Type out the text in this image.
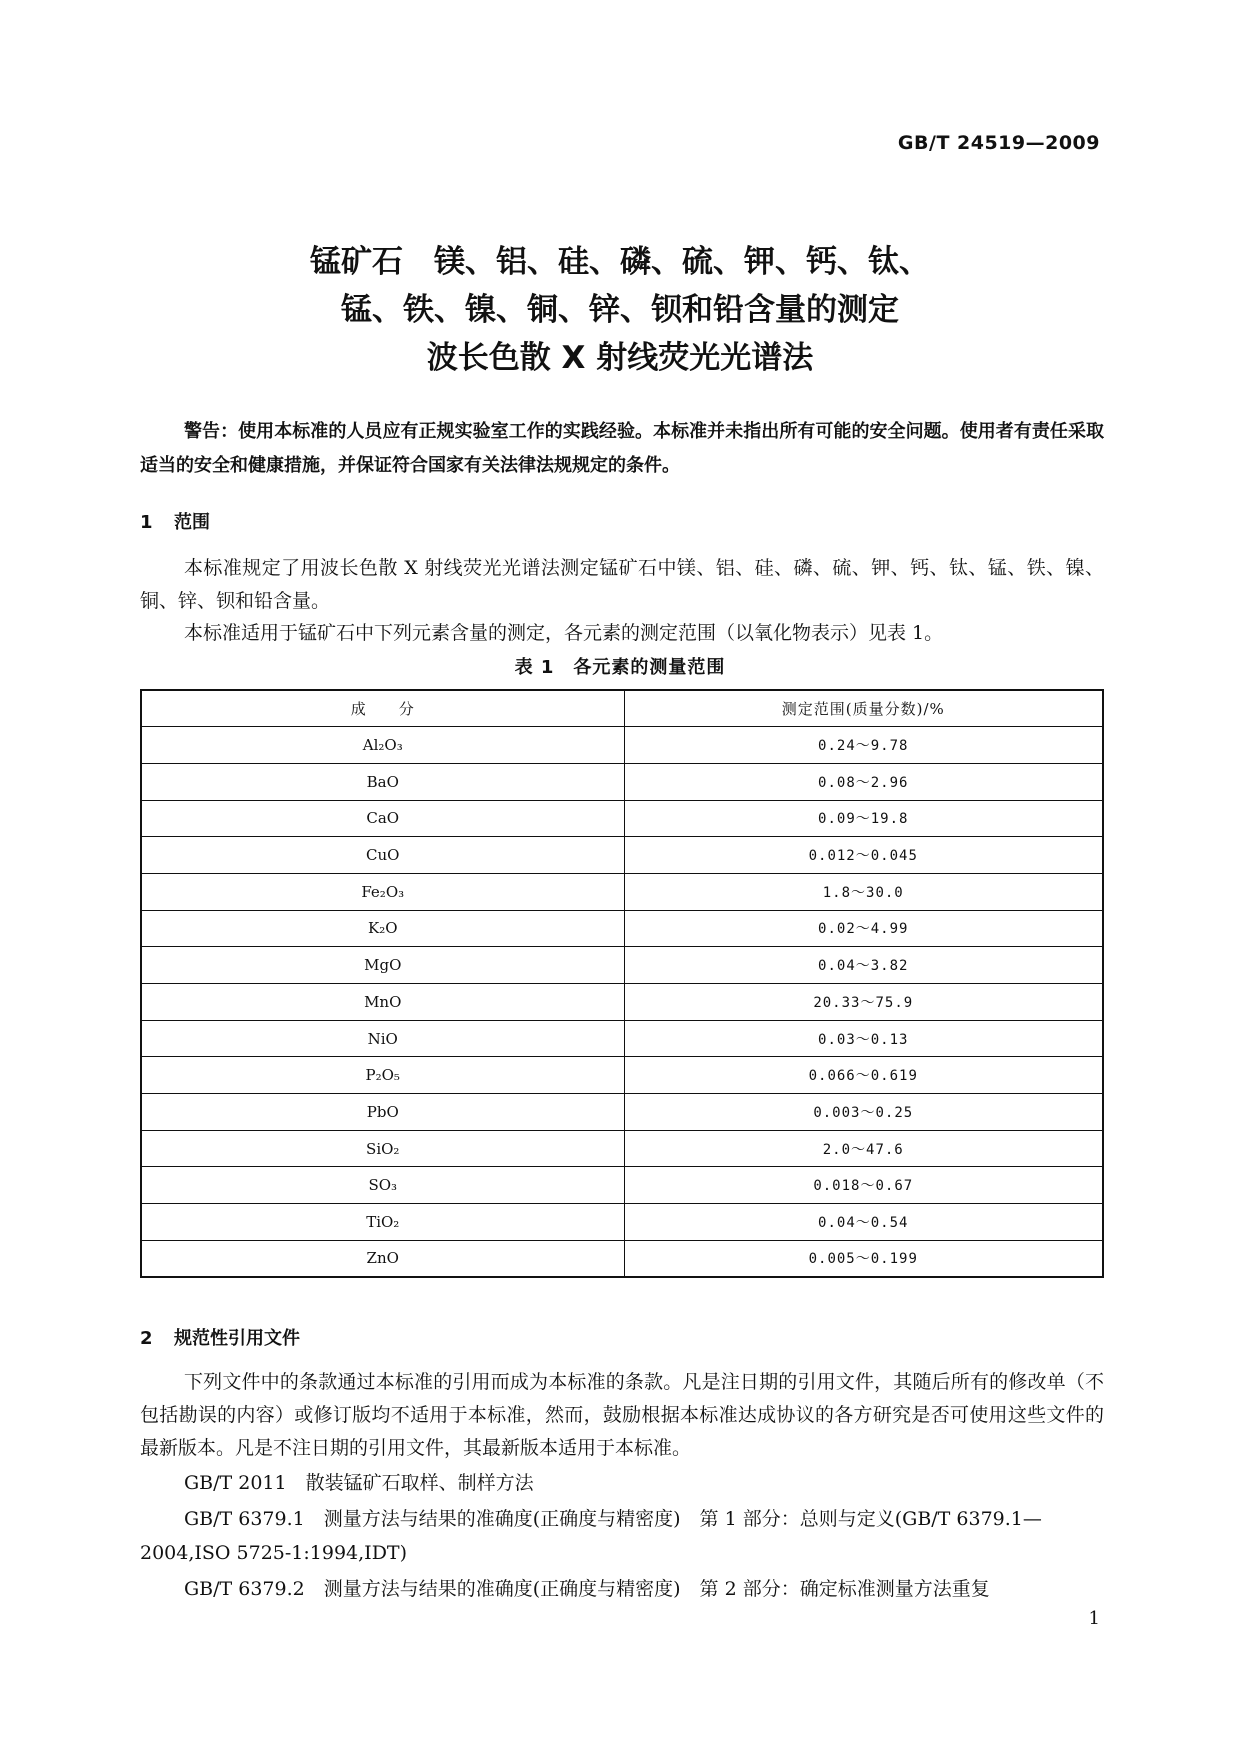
GB/T 24519—2009
锰矿石　镁、铝、硅、磷、硫、钾、钙、钛、
锰、铁、镍、铜、锌、钡和铅含量的测定
波长色散 X 射线荧光光谱法
警告：使用本标准的人员应有正规实验室工作的实践经验。本标准并未指出所有可能的安全问题。使用者有责任采取适当的安全和健康措施，并保证符合国家有关法律法规规定的条件。
1 范围
本标准规定了用波长色散 X 射线荧光光谱法测定锰矿石中镁、铝、硅、磷、硫、钾、钙、钛、锰、铁、镍、铜、锌、钡和铅含量。
本标准适用于锰矿石中下列元素含量的测定，各元素的测定范围（以氧化物表示）见表 1。
表 1　各元素的测量范围
成　　分	测定范围(质量分数)/%
Al₂O₃	0.24～9.78
BaO	0.08～2.96
CaO	0.09～19.8
CuO	0.012～0.045
Fe₂O₃	1.8～30.0
K₂O	0.02～4.99
MgO	0.04～3.82
MnO	20.33～75.9
NiO	0.03～0.13
P₂O₅	0.066～0.619
PbO	0.003～0.25
SiO₂	2.0～47.6
SO₃	0.018～0.67
TiO₂	0.04～0.54
ZnO	0.005～0.199
2 规范性引用文件
下列文件中的条款通过本标准的引用而成为本标准的条款。凡是注日期的引用文件，其随后所有的修改单（不包括勘误的内容）或修订版均不适用于本标准，然而，鼓励根据本标准达成协议的各方研究是否可使用这些文件的最新版本。凡是不注日期的引用文件，其最新版本适用于本标准。
GB/T 2011　散装锰矿石取样、制样方法
GB/T 6379.1　测量方法与结果的准确度(正确度与精密度)　第 1 部分：总则与定义(GB/T 6379.1—
2004,ISO 5725-1:1994,IDT)
GB/T 6379.2　测量方法与结果的准确度(正确度与精密度)　第 2 部分：确定标准测量方法重复
1
